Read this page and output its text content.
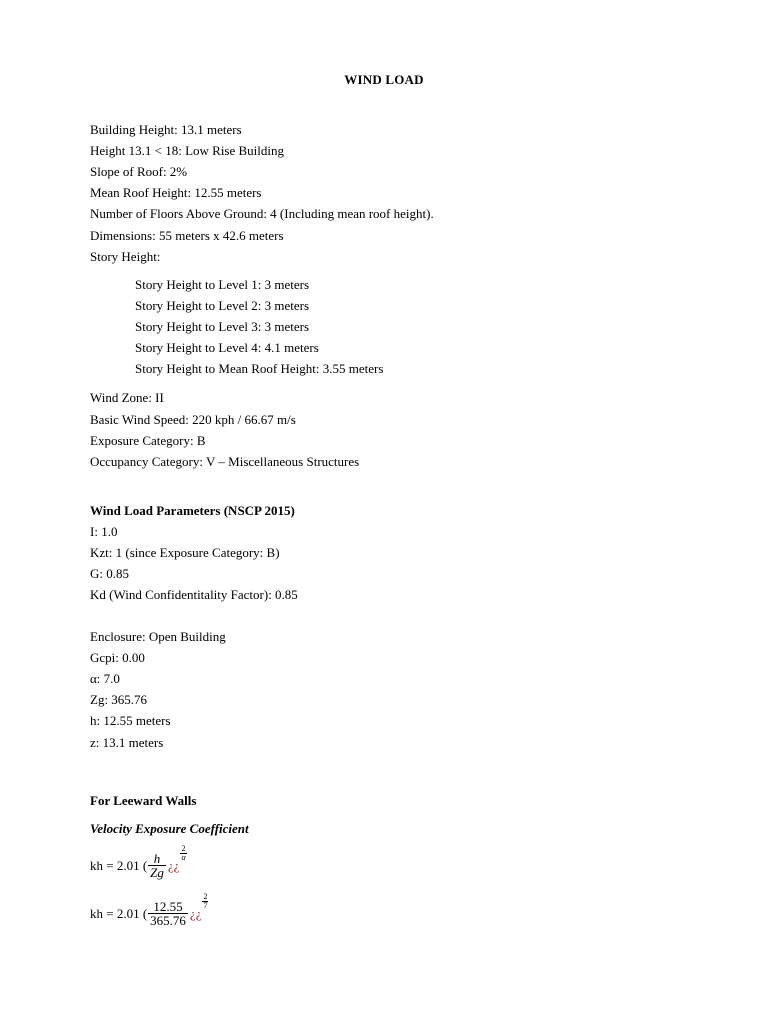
WIND LOAD
Building Height: 13.1 meters
Height 13.1 < 18: Low Rise Building
Slope of Roof: 2%
Mean Roof Height: 12.55 meters
Number of Floors Above Ground: 4 (Including mean roof height).
Dimensions: 55 meters x 42.6 meters
Story Height:
Story Height to Level 1: 3 meters
Story Height to Level 2: 3 meters
Story Height to Level 3: 3 meters
Story Height to Level 4: 4.1 meters
Story Height to Mean Roof Height: 3.55 meters
Wind Zone: II
Basic Wind Speed: 220 kph / 66.67 m/s
Exposure Category: B
Occupancy Category: V – Miscellaneous Structures
Wind Load Parameters (NSCP 2015)
I: 1.0
Kzt: 1 (since Exposure Category: B)
G: 0.85
Kd (Wind Confidentitality Factor): 0.85
Enclosure: Open Building
Gcpi: 0.00
α: 7.0
Zg: 365.76
h: 12.55 meters
z: 13.1 meters
For Leeward Walls
Velocity Exposure Coefficient
kh = 2.01 ( $\frac{h}{Zg}$ ¿¿
$\frac{2}{\alpha}$
kh = 2.01 ( $\frac{12.55}{365.76}$ ¿¿
$\frac{2}{7}$
